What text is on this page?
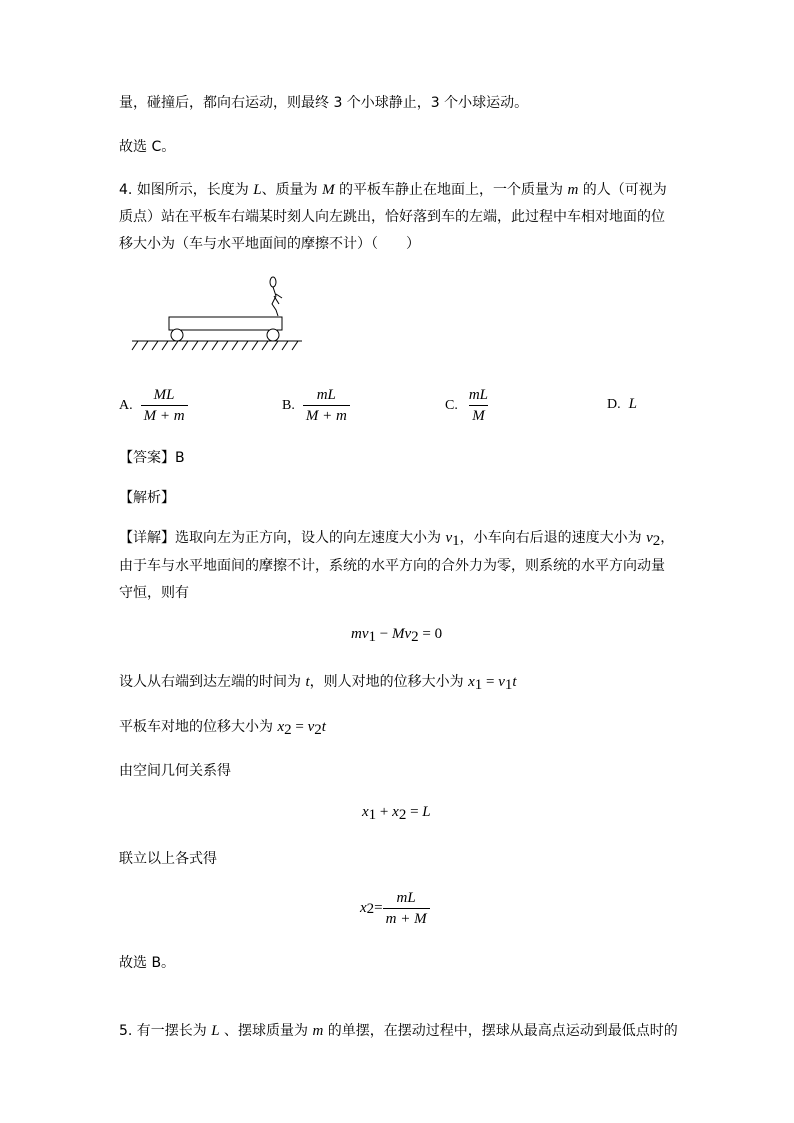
量，碰撞后，都向右运动，则最终 3 个小球静止，3 个小球运动。
故选 C。
4. 如图所示，长度为 L、质量为 M 的平板车静止在地面上，一个质量为 m 的人（可视为
质点）站在平板车右端某时刻人向左跳出，恰好落到车的左端，此过程中车相对地面的位
移大小为（车与水平地面间的摩擦不计）（　　）
A. $\frac{ML}{M + m}$	B. $\frac{mL}{M + m}$	C. $\frac{mL}{M}$	D. L
【答案】B
【解析】
【详解】选取向左为正方向，设人的向左速度大小为 $v_1$，小车向右后退的速度大小为 $v_2$，
由于车与水平地面间的摩擦不计，系统的水平方向的合外力为零，则系统的水平方向动量
守恒，则有
$mv_1 - Mv_2 = 0$
设人从右端到达左端的时间为 t，则人对地的位移大小为 $x_1 = v_1t$
平板车对地的位移大小为 $x_2 = v_2t$
由空间几何关系得
$x_1 + x_2 = L$
联立以上各式得
x $2 = \frac{mL}{m + M}$
故选 B。
5. 有一摆长为 L 、摆球质量为 m 的单摆，在摆动过程中，摆球从最高点运动到最低点时的
